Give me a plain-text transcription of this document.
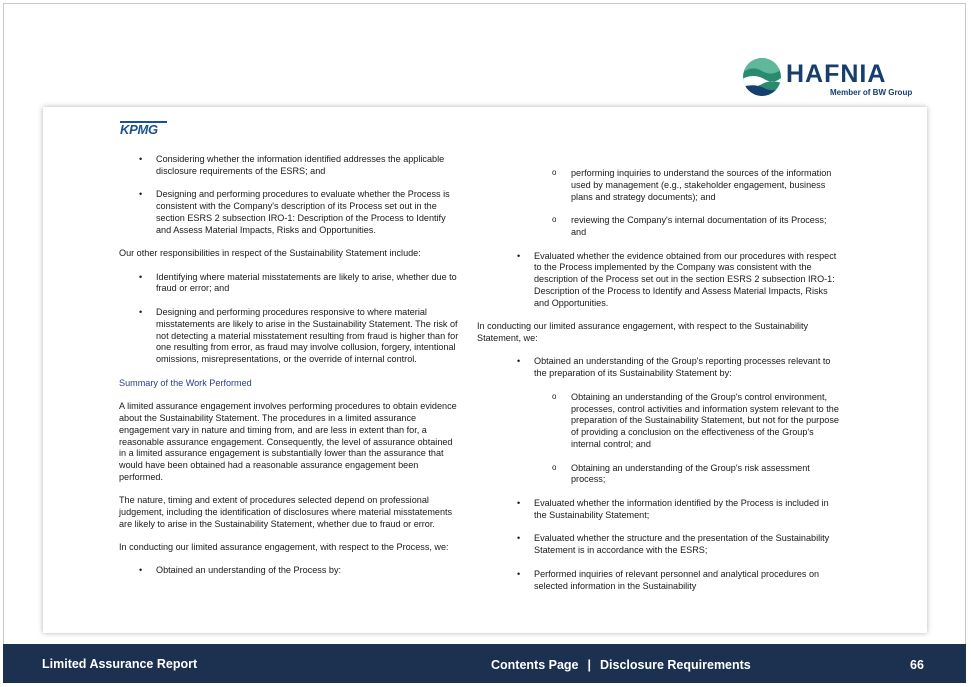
HAFNIA
Member of BW Group
KPMG
• Considering whether the information identified addresses the applicable disclosure requirements of the ESRS; and
• Designing and performing procedures to evaluate whether the Process is consistent with the Company's description of its Process set out in the section ESRS 2 subsection IRO-1: Description of the Process to Identify and Assess Material Impacts, Risks and Opportunities.

Our other responsibilities in respect of the Sustainability Statement include:

• Identifying where material misstatements are likely to arise, whether due to fraud or error; and
• Designing and performing procedures responsive to where material misstatements are likely to arise in the Sustainability Statement. The risk of not detecting a material misstatement resulting from fraud is higher than for one resulting from error, as fraud may involve collusion, forgery, intentional omissions, misrepresentations, or the override of internal control.

Summary of the Work Performed

A limited assurance engagement involves performing procedures to obtain evidence about the Sustainability Statement. The procedures in a limited assurance engagement vary in nature and timing from, and are less in extent than for, a reasonable assurance engagement. Consequently, the level of assurance obtained in a limited assurance engagement is substantially lower than the assurance that would have been obtained had a reasonable assurance engagement been performed.

The nature, timing and extent of procedures selected depend on professional judgement, including the identification of disclosures where material misstatements are likely to arise in the Sustainability Statement, whether due to fraud or error.

In conducting our limited assurance engagement, with respect to the Process, we:

• Obtained an understanding of the Process by:
o performing inquiries to understand the sources of the information used by management (e.g., stakeholder engagement, business plans and strategy documents); and
o reviewing the Company's internal documentation of its Process; and
• Evaluated whether the evidence obtained from our procedures with respect to the Process implemented by the Company was consistent with the description of the Process set out in the section ESRS 2 subsection IRO-1: Description of the Process to Identify and Assess Material Impacts, Risks and Opportunities.

In conducting our limited assurance engagement, with respect to the Sustainability Statement, we:

• Obtained an understanding of the Group's reporting processes relevant to the preparation of its Sustainability Statement by:
o Obtaining an understanding of the Group's control environment, processes, control activities and information system relevant to the preparation of the Sustainability Statement, but not for the purpose of providing a conclusion on the effectiveness of the Group's internal control; and
o Obtaining an understanding of the Group's risk assessment process;
• Evaluated whether the information identified by the Process is included in the Sustainability Statement;
• Evaluated whether the structure and the presentation of the Sustainability Statement is in accordance with the ESRS;
• Performed inquiries of relevant personnel and analytical procedures on selected information in the Sustainability
Limited Assurance Report	Contents Page | Disclosure Requirements	66
